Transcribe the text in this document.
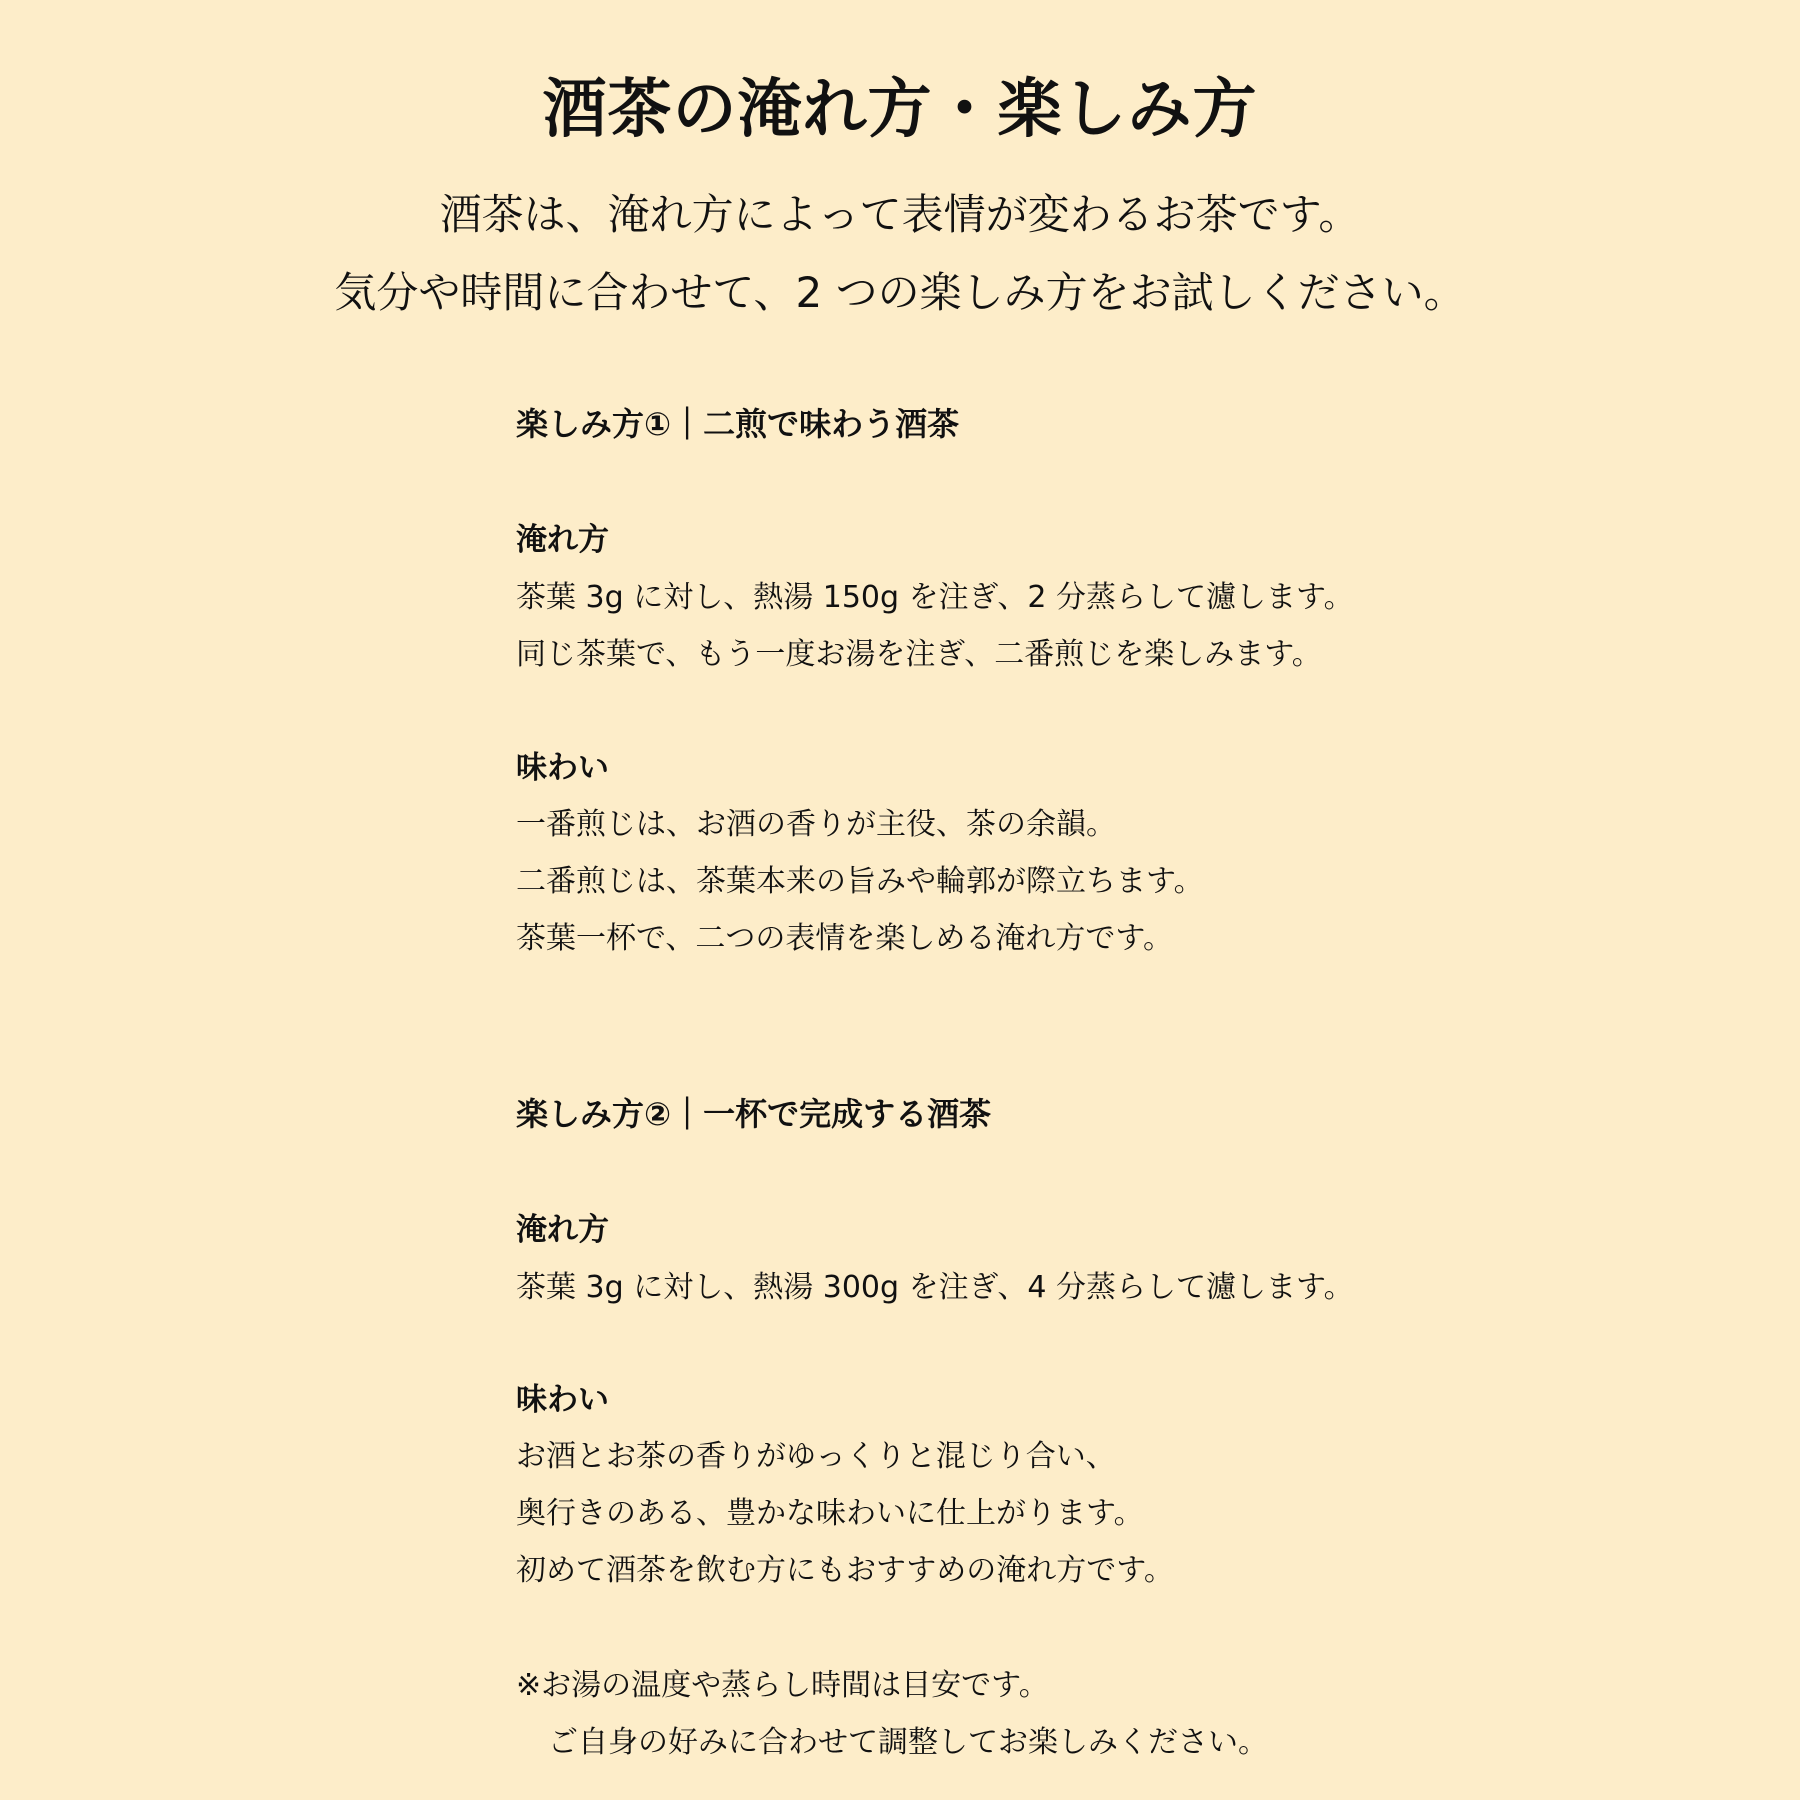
酒茶の淹れ方・楽しみ方
酒茶は、淹れ方によって表情が変わるお茶です。
気分や時間に合わせて、2 つの楽しみ方をお試しください。
楽しみ方①｜二煎で味わう酒茶
淹れ方
茶葉 3g に対し、熱湯 150g を注ぎ、2 分蒸らして濾します。
同じ茶葉で、もう一度お湯を注ぎ、二番煎じを楽しみます。
味わい
一番煎じは、お酒の香りが主役、茶の余韻。
二番煎じは、茶葉本来の旨みや輪郭が際立ちます。
茶葉一杯で、二つの表情を楽しめる淹れ方です。
楽しみ方②｜一杯で完成する酒茶
淹れ方
茶葉 3g に対し、熱湯 300g を注ぎ、4 分蒸らして濾します。
味わい
お酒とお茶の香りがゆっくりと混じり合い、
奥行きのある、豊かな味わいに仕上がります。
初めて酒茶を飲む方にもおすすめの淹れ方です。
※お湯の温度や蒸らし時間は目安です。
ご自身の好みに合わせて調整してお楽しみください。
